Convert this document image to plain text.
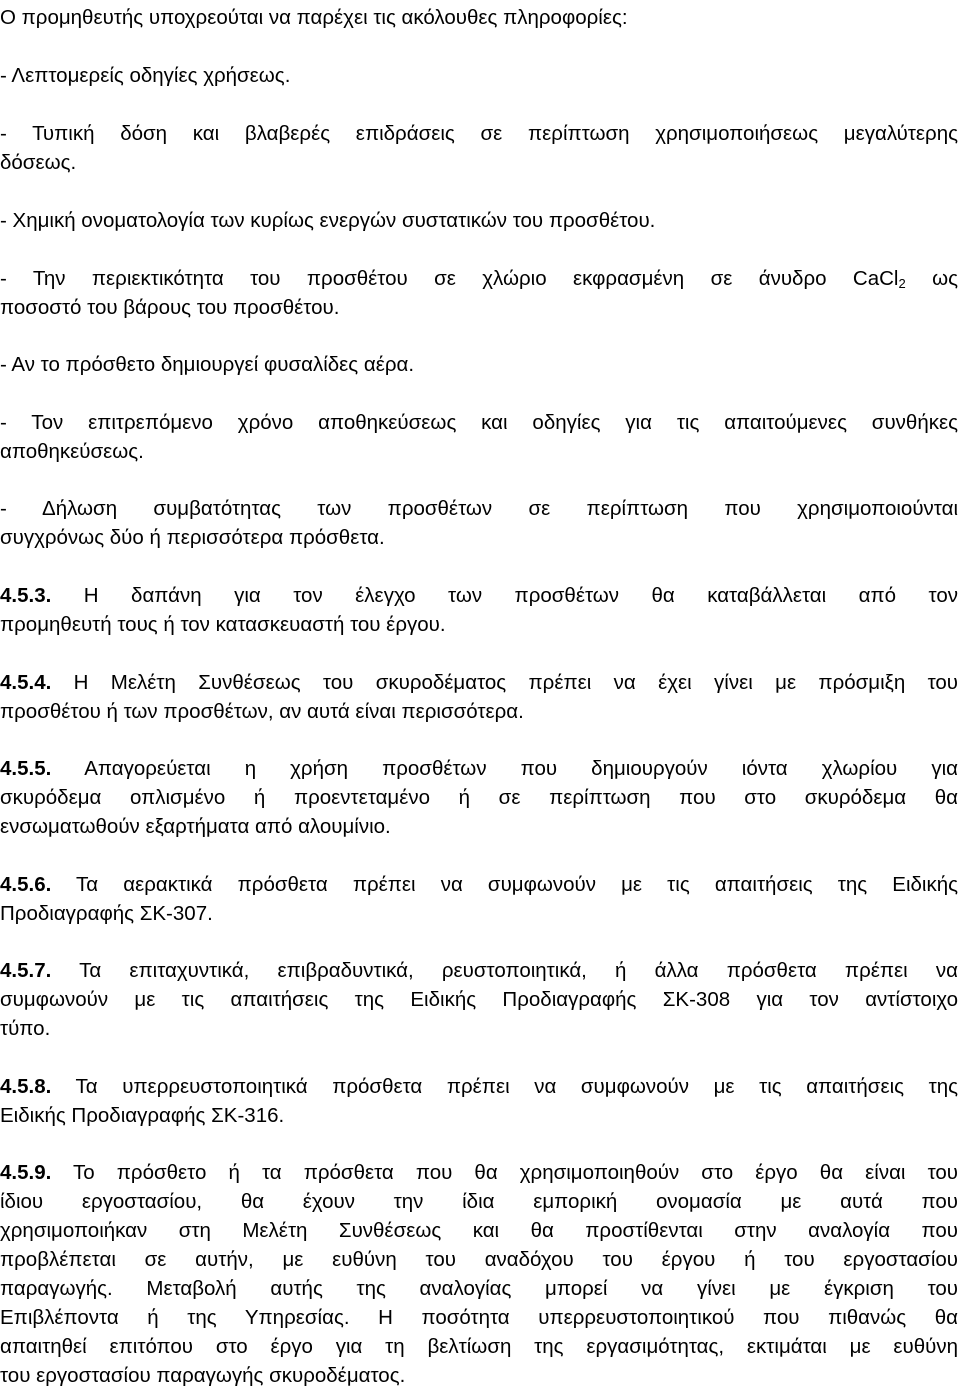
Ο προμηθευτής υποχρεούται να παρέχει τις ακόλουθες πληροφορίες:
- Λεπτομερείς οδηγίες χρήσεως.
- Τυπική δόση και βλαβερές επιδράσεις σε περίπτωση χρησιμοποιήσεως μεγαλύτερης
δόσεως.
- Χημική ονοματολογία των κυρίως ενεργών συστατικών του προσθέτου.
- Την περιεκτικότητα του προσθέτου σε χλώριο εκφρασμένη σε άνυδρο CaCl$_2$ ως
ποσοστό του βάρους του προσθέτου.
- Αν το πρόσθετο δημιουργεί φυσαλίδες αέρα.
- Τον επιτρεπόμενο χρόνο αποθηκεύσεως και οδηγίες για τις απαιτούμενες συνθήκες
αποθηκεύσεως.
- Δήλωση συμβατότητας των προσθέτων σε περίπτωση που χρησιμοποιούνται
συγχρόνως δύο ή περισσότερα πρόσθετα.
4.5.3. Η δαπάνη για τον έλεγχο των προσθέτων θα καταβάλλεται από τον
προμηθευτή τους ή τον κατασκευαστή του έργου.
4.5.4. Η Μελέτη Συνθέσεως του σκυροδέματος πρέπει να έχει γίνει με πρόσμιξη του
προσθέτου ή των προσθέτων, αν αυτά είναι περισσότερα.
4.5.5. Απαγορεύεται η χρήση προσθέτων που δημιουργούν ιόντα χλωρίου για
σκυρόδεμα οπλισμένο ή προεντεταμένο ή σε περίπτωση που στο σκυρόδεμα θα
ενσωματωθούν εξαρτήματα από αλουμίνιο.
4.5.6. Τα αερακτικά πρόσθετα πρέπει να συμφωνούν με τις απαιτήσεις της Ειδικής
Προδιαγραφής ΣΚ-307.
4.5.7. Τα επιταχυντικά, επιβραδυντικά, ρευστοποιητικά, ή άλλα πρόσθετα πρέπει να
συμφωνούν με τις απαιτήσεις της Ειδικής Προδιαγραφής ΣΚ-308 για τον αντίστοιχο
τύπο.
4.5.8. Τα υπερρευστοποιητικά πρόσθετα πρέπει να συμφωνούν με τις απαιτήσεις της
Ειδικής Προδιαγραφής ΣΚ-316.
4.5.9. Το πρόσθετο ή τα πρόσθετα που θα χρησιμοποιηθούν στο έργο θα είναι του
ίδιου εργοστασίου, θα έχουν την ίδια εμπορική ονομασία με αυτά που
χρησιμοποιήκαν στη Μελέτη Συνθέσεως και θα προστίθενται στην αναλογία που
προβλέπεται σε αυτήν, με ευθύνη του αναδόχου του έργου ή του εργοστασίου
παραγωγής. Μεταβολή αυτής της αναλογίας μπορεί να γίνει με έγκριση του
Επιβλέποντα ή της Υπηρεσίας. Η ποσότητα υπερρευστοποιητικού που πιθανώς θα
απαιτηθεί επιτόπου στο έργο για τη βελτίωση της εργασιμότητας, εκτιμάται με ευθύνη
του εργοστασίου παραγωγής σκυροδέματος.
